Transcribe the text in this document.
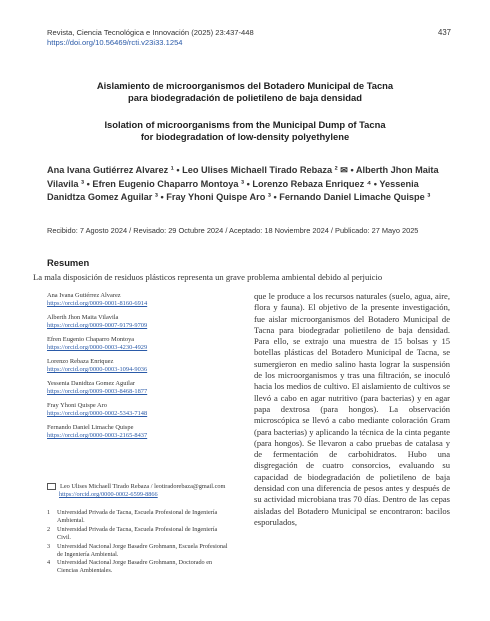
Revista, Ciencia Tecnológica e Innovación (2025) 23:437-448
https://doi.org/10.56469/rcti.v23i33.1254
437
Aislamiento de microorganismos del Botadero Municipal de Tacna
para biodegradación de polietileno de baja densidad
Isolation of microorganisms from the Municipal Dump of Tacna
for biodegradation of low-density polyethylene
Ana Ivana Gutiérrez Alvarez ¹ • Leo Ulises Michaell Tirado Rebaza ² ✉ • Alberth Jhon Maita Vilavila ³ • Efren Eugenio Chaparro Montoya ³ • Lorenzo Rebaza Enriquez ⁴ • Yessenia Danidtza Gomez Aguilar ³ • Fray Yhoni Quispe Aro ³ • Fernando Daniel Limache Quispe ³
Recibido: 7 Agosto 2024 / Revisado: 29 Octubre 2024 / Aceptado: 18 Noviembre 2024 / Publicado: 27 Mayo 2025
Resumen
La mala disposición de residuos plásticos representa un grave problema ambiental debido al perjuicio
Ana Ivana Gutiérrez Alvarez
https://orcid.org/0009-0001-8160-6914
Alberth Jhon Maita Vilavila
https://orcid.org/0009-0007-9179-9709
Efren Eugenio Chaparro Montoya
https://orcid.org/0000-0003-4230-4929
Lorenzo Rebaza Enriquez
https://orcid.org/0000-0003-1094-9036
Yessenia Danidtza Gomez Aguilar
https://orcid.org/0009-0003-8468-1877
Fray Yhoni Quispe Aro
https://orcid.org/0000-0002-5343-7148
Fernando Daniel Limache Quispe
https://orcid.org/0000-0003-2165-8437
Leo Ulises Michaell Tirado Rebaza / leotiradorebaza@gmail.com
https://orcid.org/0000-0002-6599-8866
1	Universidad Privada de Tacna, Escuela Profesional de Ingeniería Ambiental.
2	Universidad Privada de Tacna, Escuela Profesional de Ingeniería Civil.
3	Universidad Nacional Jorge Basadre Grohmann, Escuela Profesional de Ingeniería Ambiental.
4	Universidad Nacional Jorge Basadre Grohmann, Doctorado en Ciencias Ambientales.

que le produce a los recursos naturales (suelo, agua, aire, flora y fauna). El objetivo de la presente investigación, fue aislar microorganismos del Botadero Municipal de Tacna para biodegradar polietileno de baja densidad. Para ello, se extrajo una muestra de 15 bolsas y 15 botellas plásticas del Botadero Municipal de Tacna, se sumergieron en medio salino hasta lograr la suspensión de los microorganismos y tras una filtración, se inoculó hacia los medios de cultivo. El aislamiento de cultivos se llevó a cabo en agar nutritivo (para bacterias) y en agar papa dextrosa (para hongos). La observación microscópica se llevó a cabo mediante coloración Gram (para bacterias) y aplicando la técnica de la cinta pegante (para hongos). Se llevaron a cabo pruebas de catalasa y de fermentación de carbohidratos. Hubo una disgregación de cuatro consorcios, evaluando su capacidad de biodegradación de polietileno de baja densidad con una diferencia de pesos antes y después de su actividad microbiana tras 70 días. Dentro de las cepas aisladas del Botadero Municipal se encontraron: bacilos esporulados,
